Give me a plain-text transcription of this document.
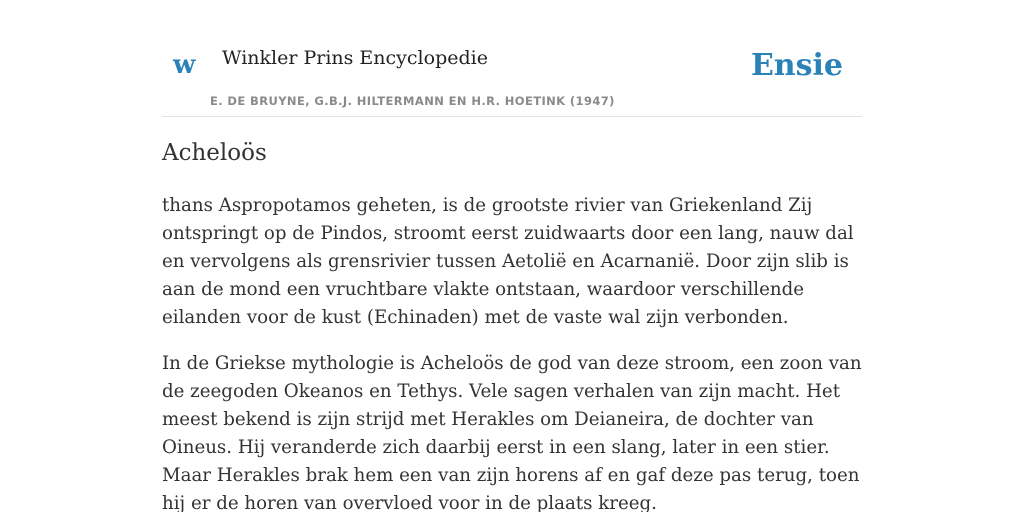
w Winkler Prins Encyclopedie
E. DE BRUYNE, G.B.J. HILTERMANN EN H.R. HOETINK (1947)
Ensie
Acheloös

thans Aspropotamos geheten, is de grootste rivier van Griekenland Zij ontspringt op de Pindos, stroomt eerst zuidwaarts door een lang, nauw dal en vervolgens als grensrivier tussen Aetolië en Acarnanië. Door zijn slib is aan de mond een vruchtbare vlakte ontstaan, waardoor verschillende eilanden voor de kust (Echinaden) met de vaste wal zijn verbonden.

In de Griekse mythologie is Acheloös de god van deze stroom, een zoon van de zeegoden Okeanos en Tethys. Vele sagen verhalen van zijn macht. Het meest bekend is zijn strijd met Herakles om Deianeira, de dochter van Oineus. Hij veranderde zich daarbij eerst in een slang, later in een stier. Maar Herakles brak hem een van zijn horens af en gaf deze pas terug, toen hij er de horen van overvloed voor in de plaats kreeg.
